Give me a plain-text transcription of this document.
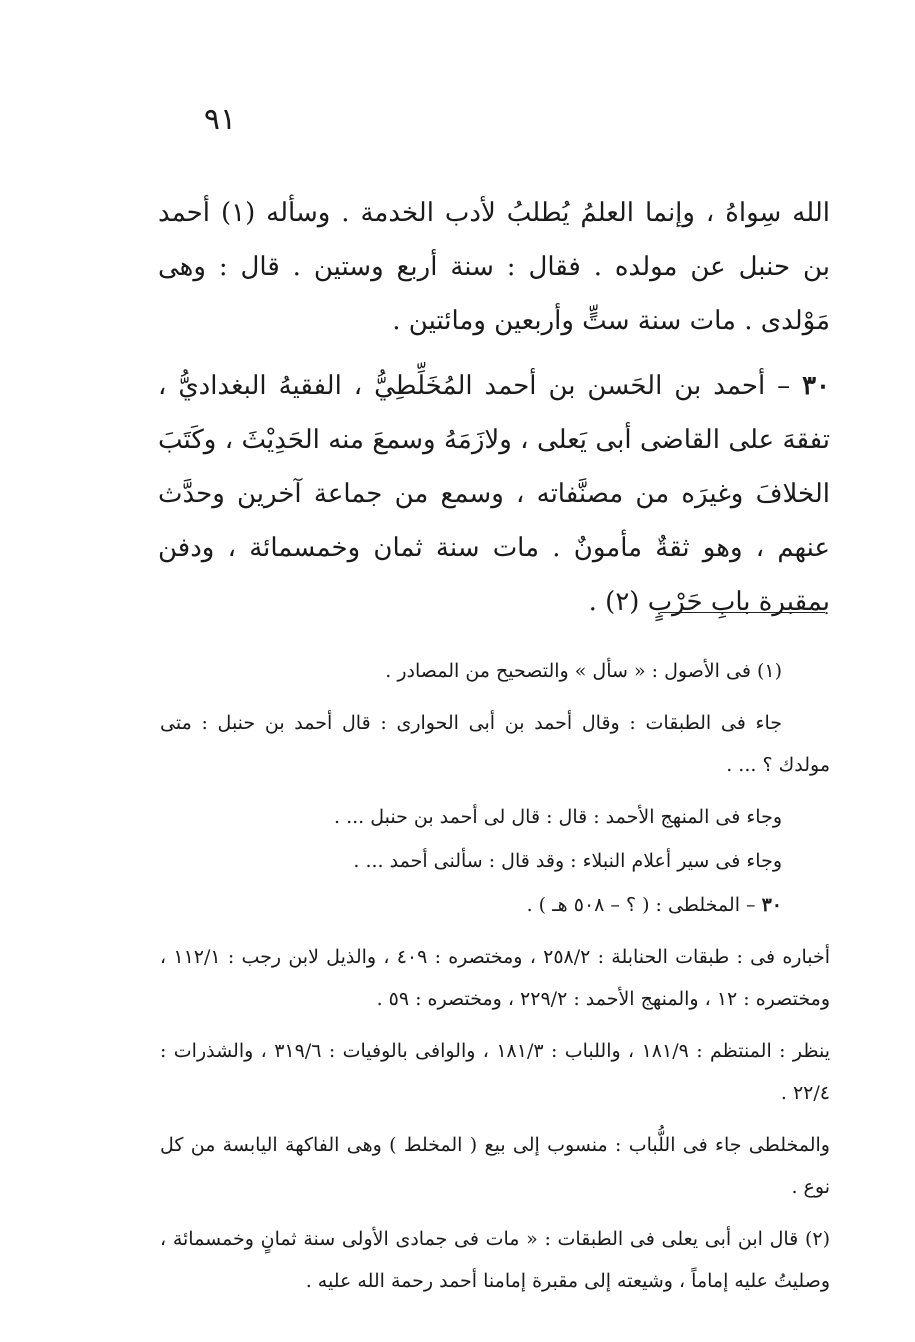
٩١

الله سِواهُ ، وإنما العلمُ يُطلبُ لأدب الخدمة . وسأله (١) أحمد بن حنبل عن مولده . فقال : سنة أربع وستين . قال : وهى مَوْلدى . مات سنة ستٍّ وأربعين ومائتين .

٣٠ – أحمد بن الحَسن بن أحمد المُخَلِّطِيُّ ، الفقيهُ البغداديُّ ، تفقهَ على القاضى أبى يَعلى ، ولازَمَهُ وسمعَ منه الحَدِيْثَ ، وكَتَبَ الخلافَ وغيرَه من مصنَّفاته ، وسمع من جماعة آخرين وحدَّث عنهم ، وهو ثقةٌ مأمونٌ . مات سنة ثمان وخمسمائة ، ودفن بمقبرة بابِ حَرْبٍ (٢) .

(١) فى الأصول : « سأل » والتصحيح من المصادر .

جاء فى الطبقات : وقال أحمد بن أبى الحوارى : قال أحمد بن حنبل : متى مولدك ؟ ... .

وجاء فى المنهج الأحمد : قال : قال لى أحمد بن حنبل ... .

وجاء فى سير أعلام النبلاء : وقد قال : سألنى أحمد ... .

٣٠ – المخلطى : ( ؟ – ٥٠٨ هـ ) .

أخباره فى : طبقات الحنابلة : ٢٥٨/٢ ، ومختصره : ٤٠٩ ، والذيل لابن رجب : ١١٢/١ ، ومختصره : ١٢ ، والمنهج الأحمد : ٢٢٩/٢ ، ومختصره : ٥٩ .

ينظر : المنتظم : ١٨١/٩ ، واللباب : ١٨١/٣ ، والوافى بالوفيات : ٣١٩/٦ ، والشذرات : ٢٢/٤ .

والمخلطى جاء فى اللُّباب : منسوب إلى بيع ( المخلط ) وهى الفاكهة اليابسة من كل نوع .

(٢) قال ابن أبى يعلى فى الطبقات : « مات فى جمادى الأولى سنة ثمانٍ وخمسمائة ، وصليتُ عليه إماماً ، وشيعته إلى مقبرة إمامنا أحمد رحمة الله عليه .
